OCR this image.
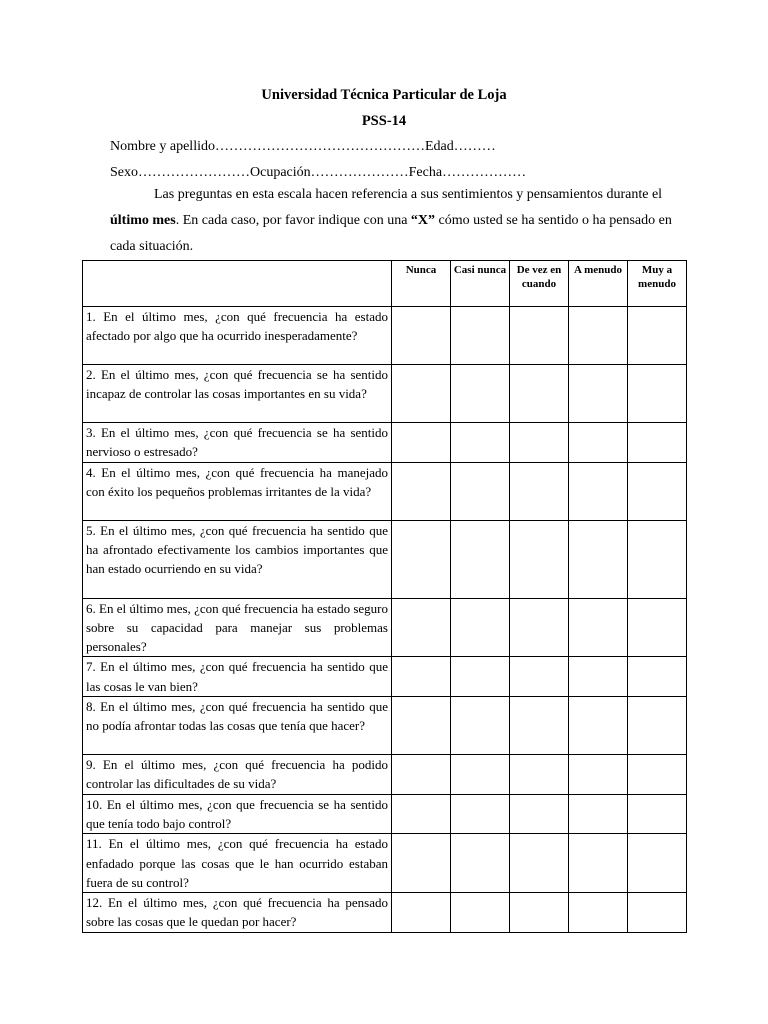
Universidad Técnica Particular de Loja
PSS-14
Nombre y apellido………………………………………Edad………
Sexo……………………Ocupación…………………Fecha………………
Las preguntas en esta escala hacen referencia a sus sentimientos y pensamientos durante el último mes. En cada caso, por favor indique con una “X” cómo usted se ha sentido o ha pensado en cada situación.
	Nunca	Casi nunca	De vez en cuando	A menudo	Muy a menudo
1. En el último mes, ¿con qué frecuencia ha estado afectado por algo que ha ocurrido inesperadamente?					
2. En el último mes, ¿con qué frecuencia se ha sentido incapaz de controlar las cosas importantes en su vida?					
3. En el último mes, ¿con qué frecuencia se ha sentido nervioso o estresado?					
4. En el último mes, ¿con qué frecuencia ha manejado con éxito los pequeños problemas irritantes de la vida?					
5. En el último mes, ¿con qué frecuencia ha sentido que ha afrontado efectivamente los cambios importantes que han estado ocurriendo en su vida?					
6. En el último mes, ¿con qué frecuencia ha estado seguro sobre su capacidad para manejar sus problemas personales?					
7. En el último mes, ¿con qué frecuencia ha sentido que las cosas le van bien?					
8. En el último mes, ¿con qué frecuencia ha sentido que no podía afrontar todas las cosas que tenía que hacer?					
9. En el último mes, ¿con qué frecuencia ha podido controlar las dificultades de su vida?					
10. En el último mes, ¿con que frecuencia se ha sentido que tenía todo bajo control?					
11. En el último mes, ¿con qué frecuencia ha estado enfadado porque las cosas que le han ocurrido estaban fuera de su control?					
12. En el último mes, ¿con qué frecuencia ha pensado sobre las cosas que le quedan por hacer?					
